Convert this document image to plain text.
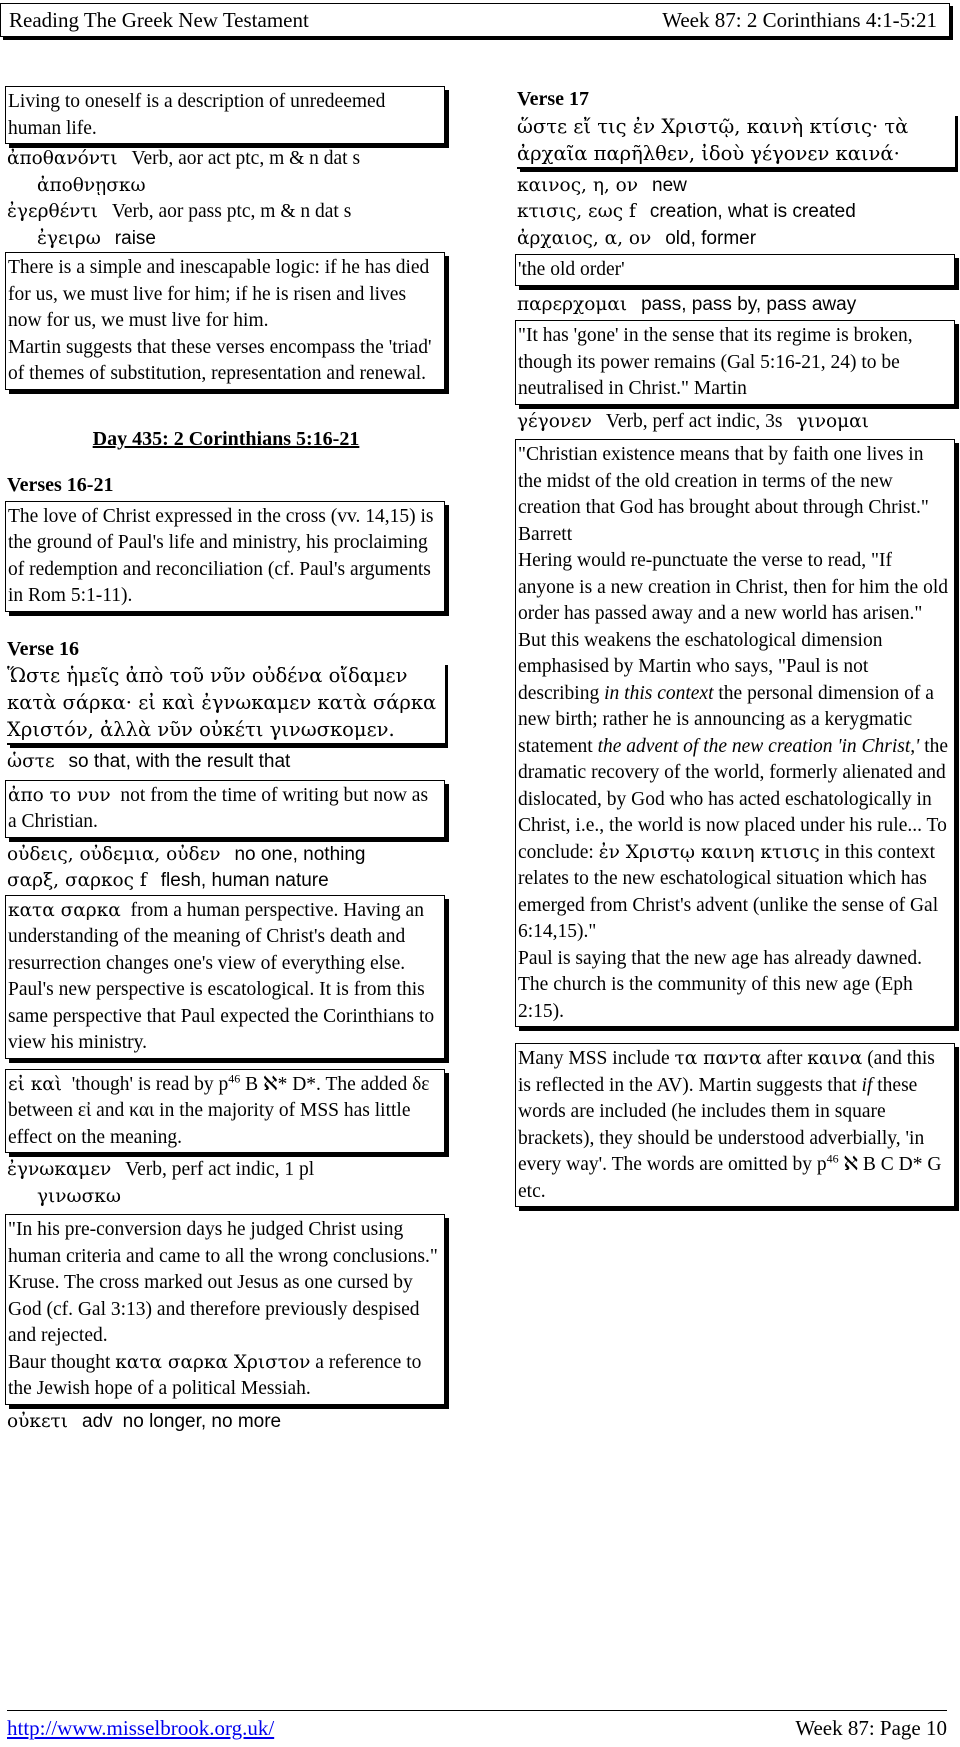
Reading The Greek New Testament	Week 87: 2 Corinthians 4:1-5:21
Living to oneself is a description of unredeemed human life.
ἀποθανόντι Verb, aor act ptc, m & n dat s
ἀποθνῃσκω
ἐγερθέντι Verb, aor pass ptc, m & n dat s
ἐγειρω raise
There is a simple and inescapable logic: if he has died for us, we must live for him; if he is risen and lives now for us, we must live for him.
Martin suggests that these verses encompass the 'triad' of themes of substitution, representation and renewal.
Day 435: 2 Corinthians 5:16-21
Verses 16-21
The love of Christ expressed in the cross (vv. 14,15) is the ground of Paul's life and ministry, his proclaiming of redemption and reconciliation (cf. Paul's arguments in Rom 5:1-11).
Verse 16
Ὥστε ἡμεῖς ἀπὸ τοῦ νῦν οὐδένα οἴδαμεν κατὰ σάρκα· εἰ καὶ ἐγνωκαμεν κατὰ σάρκα Χριστόν, ἀλλὰ νῦν οὐκέτι γινωσκομεν.
ὡστε so that, with the result that
ἀπο το νυν not from the time of writing but now as a Christian.
οὐδεις, οὐδεμια, οὐδεν no one, nothing
σαρξ, σαρκος f flesh, human nature
κατα σαρκα from a human perspective. Having an understanding of the meaning of Christ's death and resurrection changes one's view of everything else. Paul's new perspective is escatological. It is from this same perspective that Paul expected the Corinthians to view his ministry.
εἰ καὶ 'though' is read by $p^{46}$ B ℵ* D*. The added δε between εἰ and και in the majority of MSS has little effect on the meaning.
ἐγνωκαμεν Verb, perf act indic, 1 pl
γινωσκω
"In his pre-conversion days he judged Christ using human criteria and came to all the wrong conclusions." Kruse. The cross marked out Jesus as one cursed by God (cf. Gal 3:13) and therefore previously despised and rejected.
Baur thought κατα σαρκα Χριστον a reference to the Jewish hope of a political Messiah.
οὐκετι adv no longer, no more
Verse 17
ὥστε εἴ τις ἐν Χριστῷ, καινὴ κτίσις· τὰ ἀρχαῖα παρῆλθεν, ἰδοὺ γέγονεν καινά·
καινος, η, ον new
κτισις, εως f creation, what is created
ἀρχαιος, α, ον old, former
'the old order'
παρερχομαι pass, pass by, pass away
"It has 'gone' in the sense that its regime is broken, though its power remains (Gal 5:16-21, 24) to be neutralised in Christ." Martin
γέγονεν Verb, perf act indic, 3s γινομαι
"Christian existence means that by faith one lives in the midst of the old creation in terms of the new creation that God has brought about through Christ." Barrett
Hering would re-punctuate the verse to read, "If anyone is a new creation in Christ, then for him the old order has passed away and a new world has arisen." But this weakens the eschatological dimension emphasised by Martin who says, "Paul is not describing in this context the personal dimension of a new birth; rather he is announcing as a kerygmatic statement the advent of the new creation 'in Christ,' the dramatic recovery of the world, formerly alienated and dislocated, by God who has acted eschatologically in Christ, i.e., the world is now placed under his rule... To conclude: ἐν Χριστῳ καινη κτισις in this context relates to the new eschatological situation which has emerged from Christ's advent (unlike the sense of Gal 6:14,15)."
Paul is saying that the new age has already dawned. The church is the community of this new age (Eph 2:15).
Many MSS include τα παντα after καινα (and this is reflected in the AV). Martin suggests that if these words are included (he includes them in square brackets), they should be understood adverbially, 'in every way'. The words are omitted by $p^{46}$ ℵ B C D* G etc.
http://www.misselbrook.org.uk/	Week 87: Page 10
